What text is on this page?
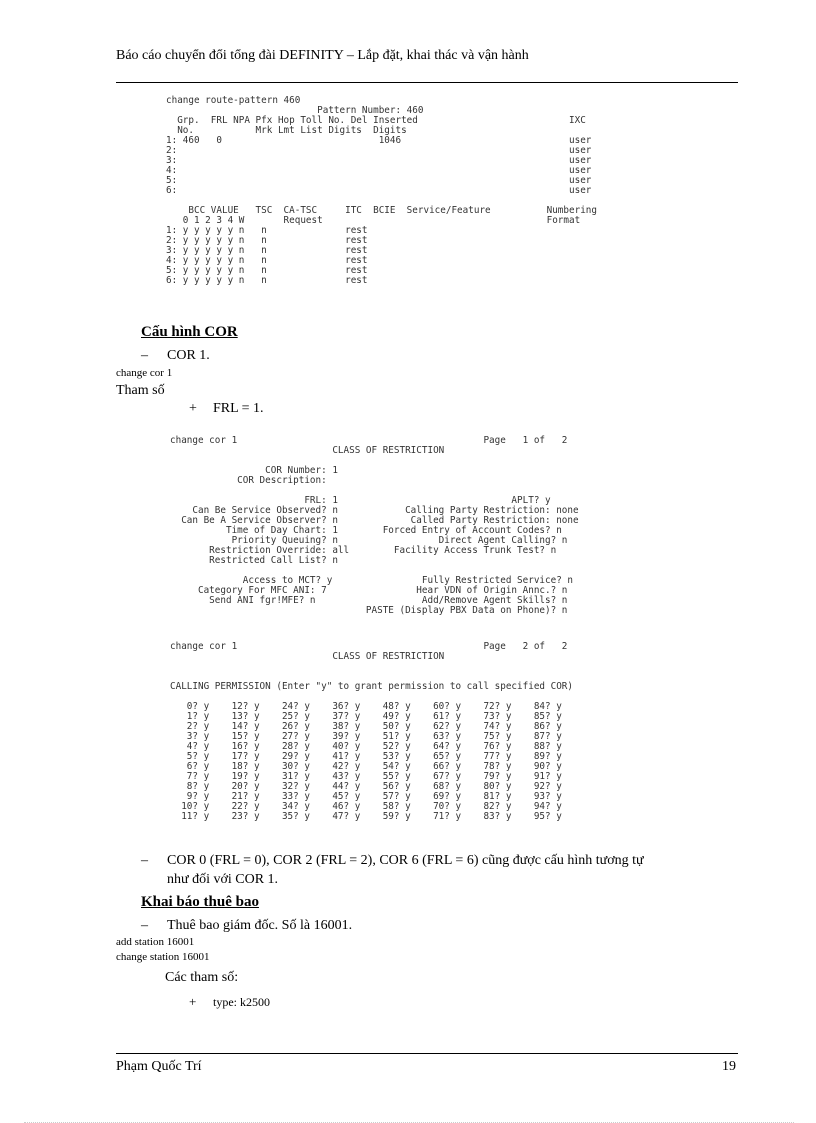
Báo cáo chuyển đổi tổng đài DEFINITY – Lắp đặt, khai thác và vận hành
change route-pattern 460
Pattern Number: 460
Grp.  FRL NPA Pfx Hop Toll No. Del Inserted                           IXC
No.           Mrk Lmt List Digits  Digits
1: 460   0                            1046                              user
2:                                                                      user
3:                                                                      user
4:                                                                      user
5:                                                                      user
6:                                                                      user

BCC VALUE   TSC  CA-TSC     ITC  BCIE  Service/Feature          Numbering
0 1 2 3 4 W       Request                                        Format
1: y y y y y n   n              rest
2: y y y y y n   n              rest
3: y y y y y n   n              rest
4: y y y y y n   n              rest
5: y y y y y n   n              rest
6: y y y y y n   n              rest
Cấu hình COR
– COR 1.
change cor 1
Tham số
+ FRL = 1.
change cor 1                                            Page   1 of   2
CLASS OF RESTRICTION

COR Number: 1
COR Description:

FRL: 1                               APLT? y
Can Be Service Observed? n            Calling Party Restriction: none
Can Be A Service Observer? n             Called Party Restriction: none
Time of Day Chart: 1        Forced Entry of Account Codes? n
Priority Queuing? n                  Direct Agent Calling? n
Restriction Override: all        Facility Access Trunk Test? n
Restricted Call List? n

Access to MCT? y                Fully Restricted Service? n
Category For MFC ANI: 7                Hear VDN of Origin Annc.? n
Send ANI fgr!MFE? n                   Add/Remove Agent Skills? n
PASTE (Display PBX Data on Phone)? n
change cor 1                                            Page   2 of   2
CLASS OF RESTRICTION

CALLING PERMISSION (Enter "y" to grant permission to call specified COR)

0? y    12? y    24? y    36? y    48? y    60? y    72? y    84? y
1? y    13? y    25? y    37? y    49? y    61? y    73? y    85? y
2? y    14? y    26? y    38? y    50? y    62? y    74? y    86? y
3? y    15? y    27? y    39? y    51? y    63? y    75? y    87? y
4? y    16? y    28? y    40? y    52? y    64? y    76? y    88? y
5? y    17? y    29? y    41? y    53? y    65? y    77? y    89? y
6? y    18? y    30? y    42? y    54? y    66? y    78? y    90? y
7? y    19? y    31? y    43? y    55? y    67? y    79? y    91? y
8? y    20? y    32? y    44? y    56? y    68? y    80? y    92? y
9? y    21? y    33? y    45? y    57? y    69? y    81? y    93? y
10? y    22? y    34? y    46? y    58? y    70? y    82? y    94? y
11? y    23? y    35? y    47? y    59? y    71? y    83? y    95? y
– COR 0 (FRL = 0), COR 2 (FRL = 2), COR 6 (FRL = 6) cũng được cấu hình tương tự
như đối với COR 1.
Khai báo thuê bao
– Thuê bao giám đốc. Số là 16001.
add station 16001
change station 16001
Các tham số:
+ type: k2500
Phạm Quốc Trí	19
